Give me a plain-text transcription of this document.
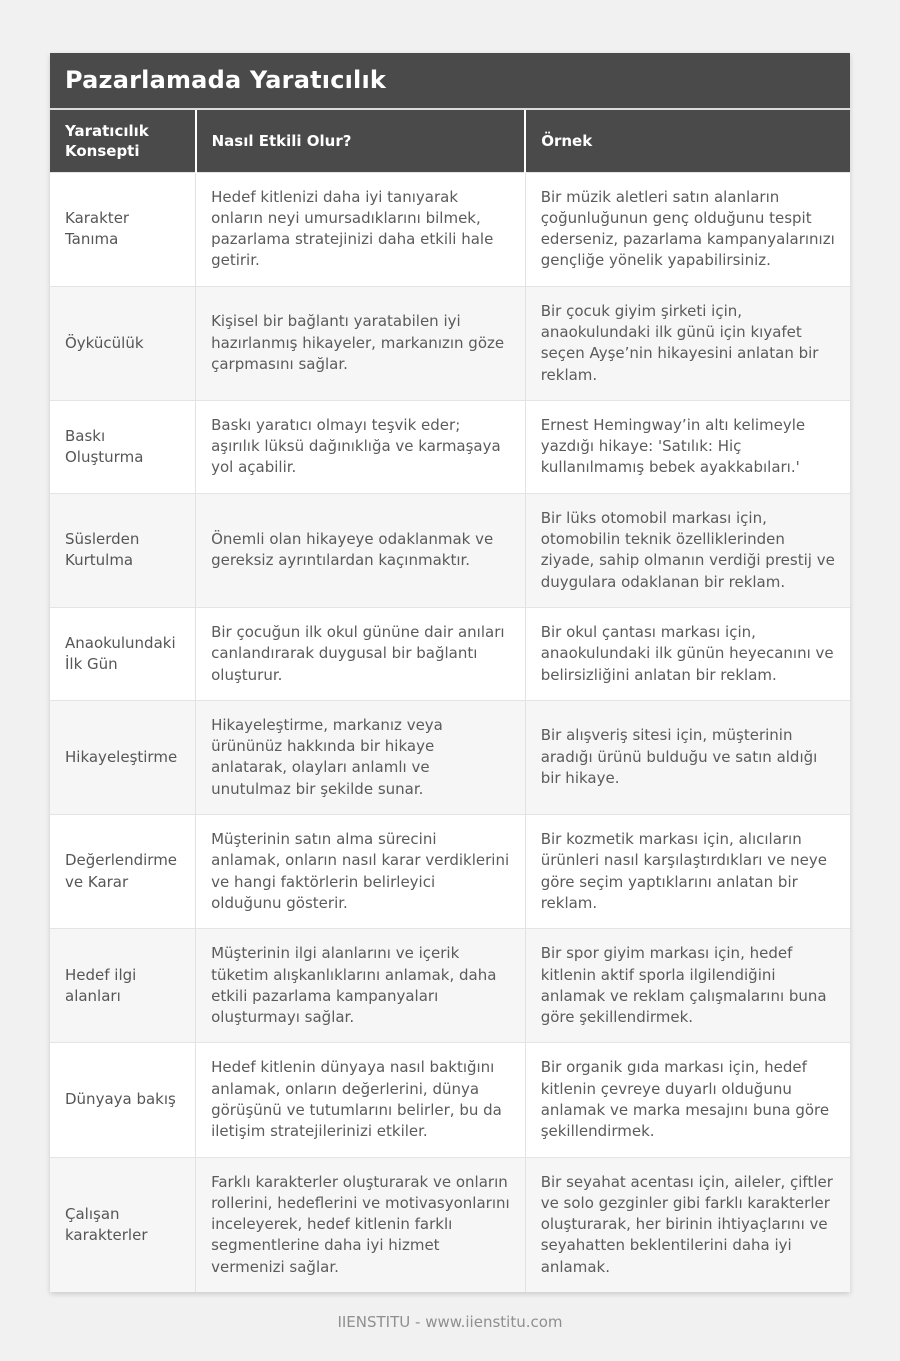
Pazarlamada Yaratıcılık
Yaratıcılık Konsepti	Nasıl Etkili Olur?	Örnek
Karakter Tanıma	Hedef kitlenizi daha iyi tanıyarak onların neyi umursadıklarını bilmek, pazarlama stratejinizi daha etkili hale getirir.	Bir müzik aletleri satın alanların çoğunluğunun genç olduğunu tespit ederseniz, pazarlama kampanyalarınızı gençliğe yönelik yapabilirsiniz.
Öykücülük	Kişisel bir bağlantı yaratabilen iyi hazırlanmış hikayeler, markanızın göze çarpmasını sağlar.	Bir çocuk giyim şirketi için, anaokulundaki ilk günü için kıyafet seçen Ayşe’nin hikayesini anlatan bir reklam.
Baskı Oluşturma	Baskı yaratıcı olmayı teşvik eder; aşırılık lüksü dağınıklığa ve karmaşaya yol açabilir.	Ernest Hemingway’in altı kelimeyle yazdığı hikaye: 'Satılık: Hiç kullanılmamış bebek ayakkabıları.'
Süslerden Kurtulma	Önemli olan hikayeye odaklanmak ve gereksiz ayrıntılardan kaçınmaktır.	Bir lüks otomobil markası için, otomobilin teknik özelliklerinden ziyade, sahip olmanın verdiği prestij ve duygulara odaklanan bir reklam.
Anaokulundaki İlk Gün	Bir çocuğun ilk okul gününe dair anıları canlandırarak duygusal bir bağlantı oluşturur.	Bir okul çantası markası için, anaokulundaki ilk günün heyecanını ve belirsizliğini anlatan bir reklam.
Hikayeleştirme	Hikayeleştirme, markanız veya ürününüz hakkında bir hikaye anlatarak, olayları anlamlı ve unutulmaz bir şekilde sunar.	Bir alışveriş sitesi için, müşterinin aradığı ürünü bulduğu ve satın aldığı bir hikaye.
Değerlendirme ve Karar	Müşterinin satın alma sürecini anlamak, onların nasıl karar verdiklerini ve hangi faktörlerin belirleyici olduğunu gösterir.	Bir kozmetik markası için, alıcıların ürünleri nasıl karşılaştırdıkları ve neye göre seçim yaptıklarını anlatan bir reklam.
Hedef ilgi alanları	Müşterinin ilgi alanlarını ve içerik tüketim alışkanlıklarını anlamak, daha etkili pazarlama kampanyaları oluşturmayı sağlar.	Bir spor giyim markası için, hedef kitlenin aktif sporla ilgilendiğini anlamak ve reklam çalışmalarını buna göre şekillendirmek.
Dünyaya bakış	Hedef kitlenin dünyaya nasıl baktığını anlamak, onların değerlerini, dünya görüşünü ve tutumlarını belirler, bu da iletişim stratejilerinizi etkiler.	Bir organik gıda markası için, hedef kitlenin çevreye duyarlı olduğunu anlamak ve marka mesajını buna göre şekillendirmek.
Çalışan karakterler	Farklı karakterler oluşturarak ve onların rollerini, hedeflerini ve motivasyonlarını inceleyerek, hedef kitlenin farklı segmentlerine daha iyi hizmet vermenizi sağlar.	Bir seyahat acentası için, aileler, çiftler ve solo gezginler gibi farklı karakterler oluşturarak, her birinin ihtiyaçlarını ve seyahatten beklentilerini daha iyi anlamak.
IIENSTITU - www.iienstitu.com
